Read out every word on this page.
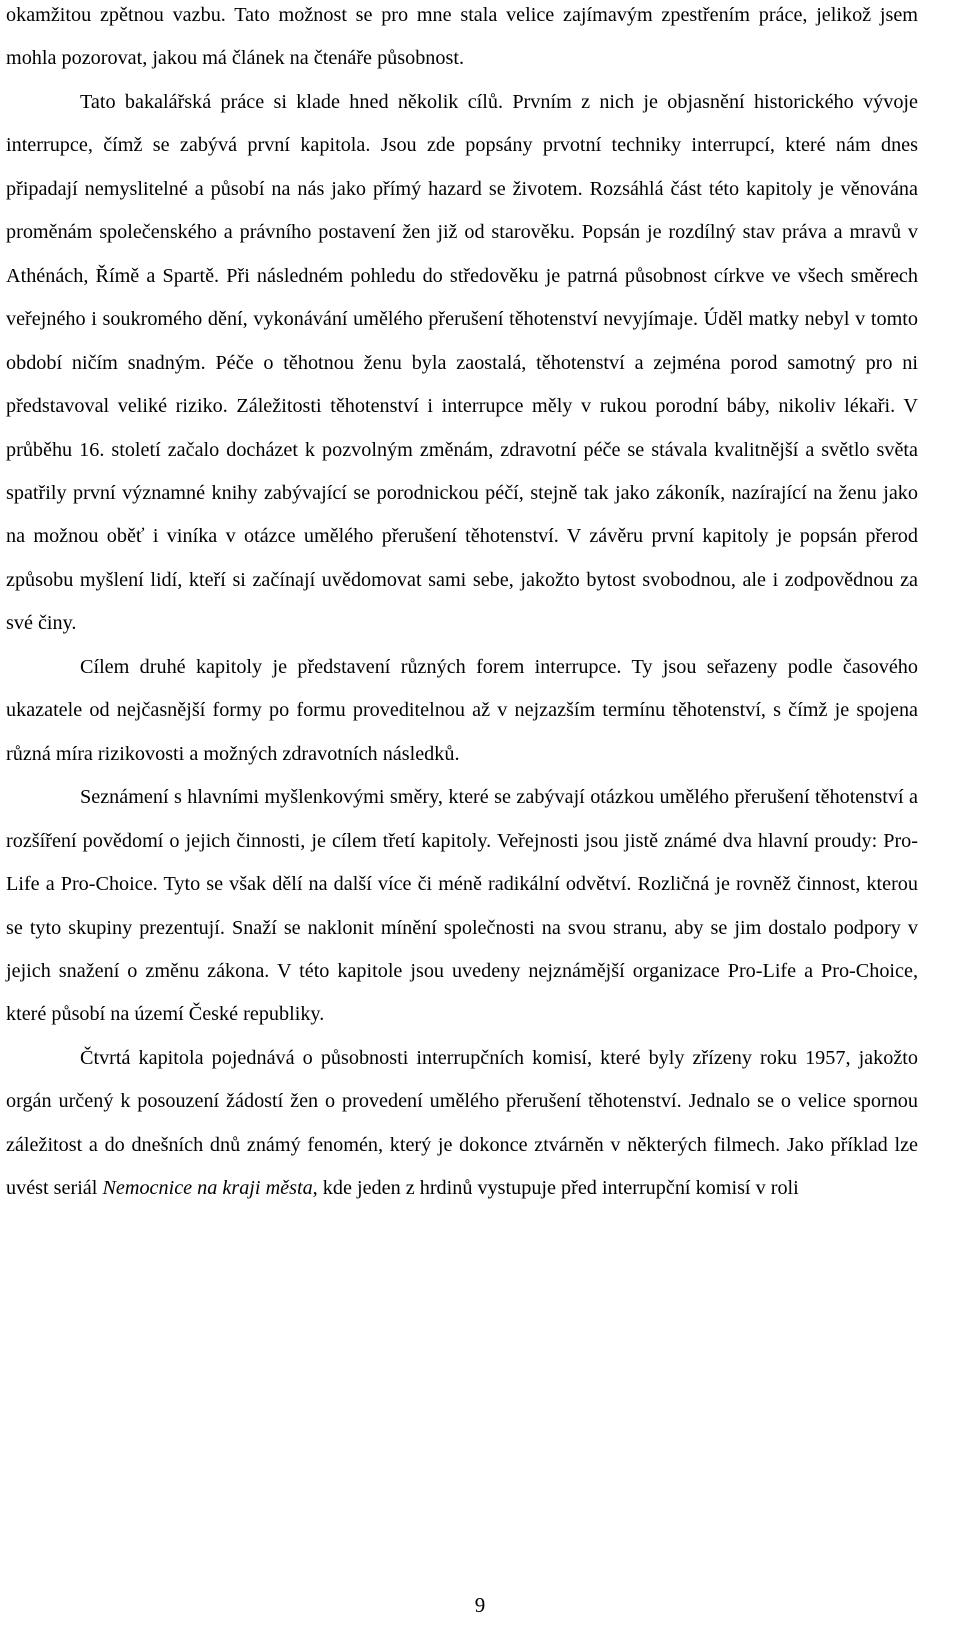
okamžitou zpětnou vazbu. Tato možnost se pro mne stala velice zajímavým zpestřením práce, jelikož jsem mohla pozorovat, jakou má článek na čtenáře působnost.

Tato bakalářská práce si klade hned několik cílů. Prvním z nich je objasnění historického vývoje interrupce, čímž se zabývá první kapitola. Jsou zde popsány prvotní techniky interrupcí, které nám dnes připadají nemyslitelné a působí na nás jako přímý hazard se životem. Rozsáhlá část této kapitoly je věnována proměnám společenského a právního postavení žen již od starověku. Popsán je rozdílný stav práva a mravů v Athénách, Římě a Spartě. Při následném pohledu do středověku je patrná působnost církve ve všech směrech veřejného i soukromého dění, vykonávání umělého přerušení těhotenství nevyjímaje. Úděl matky nebyl v tomto období ničím snadným. Péče o těhotnou ženu byla zaostalá, těhotenství a zejména porod samotný pro ni představoval veliké riziko. Záležitosti těhotenství i interrupce měly v rukou porodní báby, nikoliv lékaři. V průběhu 16. století začalo docházet k pozvolným změnám, zdravotní péče se stávala kvalitnější a světlo světa spatřily první významné knihy zabývající se porodnickou péčí, stejně tak jako zákoník, nazírající na ženu jako na možnou oběť i viníka v otázce umělého přerušení těhotenství. V závěru první kapitoly je popsán přerod způsobu myšlení lidí, kteří si začínají uvědomovat sami sebe, jakožto bytost svobodnou, ale i zodpovědnou za své činy.

Cílem druhé kapitoly je představení různých forem interrupce. Ty jsou seřazeny podle časového ukazatele od nejčasnější formy po formu proveditelnou až v nejzazším termínu těhotenství, s čímž je spojena různá míra rizikovosti a možných zdravotních následků.

Seznámení s hlavními myšlenkovými směry, které se zabývají otázkou umělého přerušení těhotenství a rozšíření povědomí o jejich činnosti, je cílem třetí kapitoly. Veřejnosti jsou jistě známé dva hlavní proudy: Pro-Life a Pro-Choice. Tyto se však dělí na další více či méně radikální odvětví. Rozličná je rovněž činnost, kterou se tyto skupiny prezentují. Snaží se naklonit mínění společnosti na svou stranu, aby se jim dostalo podpory v jejich snažení o změnu zákona. V této kapitole jsou uvedeny nejznámější organizace Pro-Life a Pro-Choice, které působí na území České republiky.

Čtvrtá kapitola pojednává o působnosti interrupčních komisí, které byly zřízeny roku 1957, jakožto orgán určený k posouzení žádostí žen o provedení umělého přerušení těhotenství. Jednalo se o velice spornou záležitost a do dnešních dnů známý fenomén, který je dokonce ztvárněn v některých filmech. Jako příklad lze uvést seriál Nemocnice na kraji města, kde jeden z hrdinů vystupuje před interrupční komisí v roli

9
